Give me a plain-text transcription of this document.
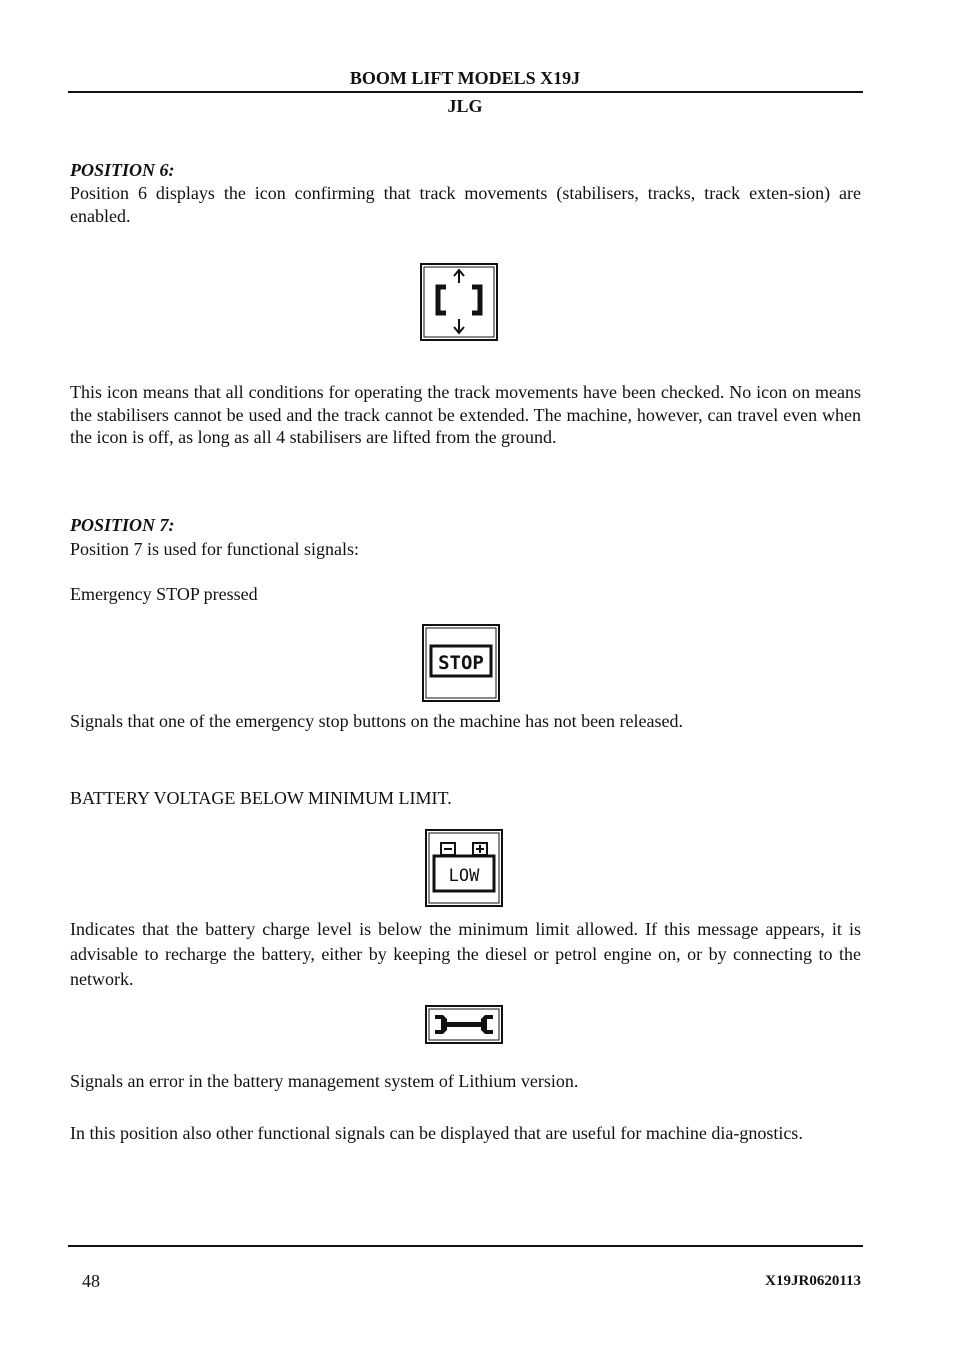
BOOM LIFT MODELS X19J
JLG
POSITION 6:
Position 6 displays the icon confirming that track movements (stabilisers, tracks, track exten-sion) are enabled.
This icon means that all conditions for operating the track movements have been checked. No icon on means the stabilisers cannot be used and the track cannot be extended. The machine, however, can travel even when the icon is off, as long as all 4 stabilisers are lifted from the ground.
POSITION 7:
Position 7 is used for functional signals:
Emergency STOP pressed
STOP
Signals that one of the emergency stop buttons on the machine has not been released.
BATTERY VOLTAGE BELOW MINIMUM LIMIT.
LOW
Indicates that the battery charge level is below the minimum limit allowed. If this message appears, it is advisable to recharge the battery, either by keeping the diesel or petrol engine on, or by connecting to the network.
Signals an error in the battery management system of Lithium version.
In this position also other functional signals can be displayed that are useful for machine dia-gnostics.
48	X19JR0620113
